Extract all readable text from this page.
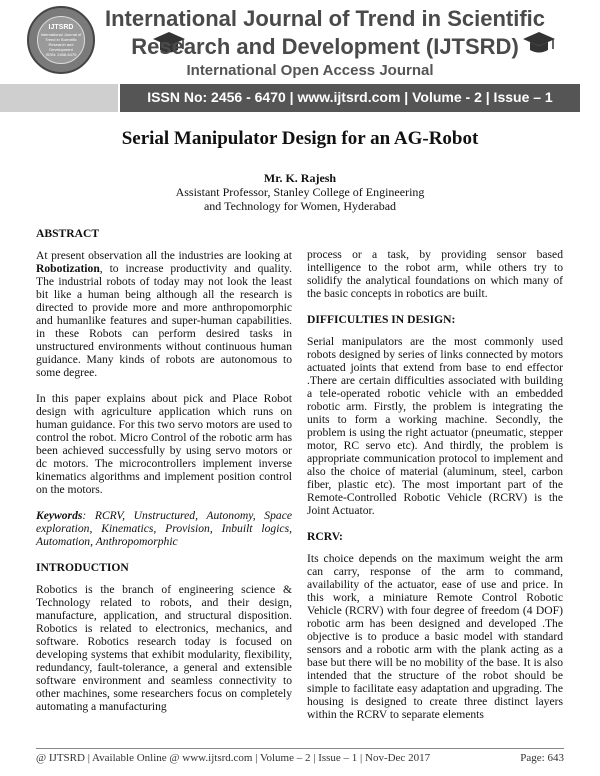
IJTSRD
International Journal of Trend in Scientific
Research and Development
ISSN: 2456-6470
International Journal of Trend in Scientific
Research and Development (IJTSRD)
International Open Access Journal
ISSN No: 2456 - 6470 | www.ijtsrd.com | Volume - 2 | Issue – 1
Serial Manipulator Design for an AG-Robot
Mr. K. Rajesh
Assistant Professor, Stanley College of Engineering
and Technology for Women, Hyderabad
ABSTRACT

At present observation all the industries are looking at Robotization, to increase productivity and quality. The industrial robots of today may not look the least bit like a human being although all the research is directed to provide more and more anthropomorphic and humanlike features and super-human capabilities. in these Robots can perform desired tasks in unstructured environments without continuous human guidance. Many kinds of robots are autonomous to some degree.

In this paper explains about pick and Place Robot design with agriculture application which runs on human guidance. For this two servo motors are used to control the robot. Micro Control of the robotic arm has been achieved successfully by using servo motors or dc motors. The microcontrollers implement inverse kinematics algorithms and implement position control on the motors.

Keywords: RCRV, Unstructured, Autonomy, Space exploration, Kinematics, Provision, Inbuilt logics, Automation, Anthropomorphic

INTRODUCTION

Robotics is the branch of engineering science & Technology related to robots, and their design, manufacture, application, and structural disposition. Robotics is related to electronics, mechanics, and software. Robotics research today is focused on developing systems that exhibit modularity, flexibility, redundancy, fault-tolerance, a general and extensible software environment and seamless connectivity to other machines, some researchers focus on completely automating a manufacturing

process or a task, by providing sensor based intelligence to the robot arm, while others try to solidify the analytical foundations on which many of the basic concepts in robotics are built.

DIFFICULTIES IN DESIGN:

Serial manipulators are the most commonly used robots designed by series of links connected by motors actuated joints that extend from base to end effector .There are certain difficulties associated with building a tele-operated robotic vehicle with an embedded robotic arm. Firstly, the problem is integrating the units to form a working machine. Secondly, the problem is using the right actuator (pneumatic, stepper motor, RC servo etc). And thirdly, the problem is appropriate communication protocol to implement and also the choice of material (aluminum, steel, carbon fiber, plastic etc). The most important part of the Remote-Controlled Robotic Vehicle (RCRV) is the Joint Actuator.

RCRV:

Its choice depends on the maximum weight the arm can carry, response of the arm to command, availability of the actuator, ease of use and price. In this work, a miniature Remote Control Robotic Vehicle (RCRV) with four degree of freedom (4 DOF) robotic arm has been designed and developed .The objective is to produce a basic model with standard sensors and a robotic arm with the plank acting as a base but there will be no mobility of the base. It is also intended that the structure of the robot should be simple to facilitate easy adaptation and upgrading. The housing is designed to create three distinct layers within the RCRV to separate elements

@ IJTSRD | Available Online @ www.ijtsrd.com | Volume – 2 | Issue – 1 | Nov-Dec 2017	Page: 643
